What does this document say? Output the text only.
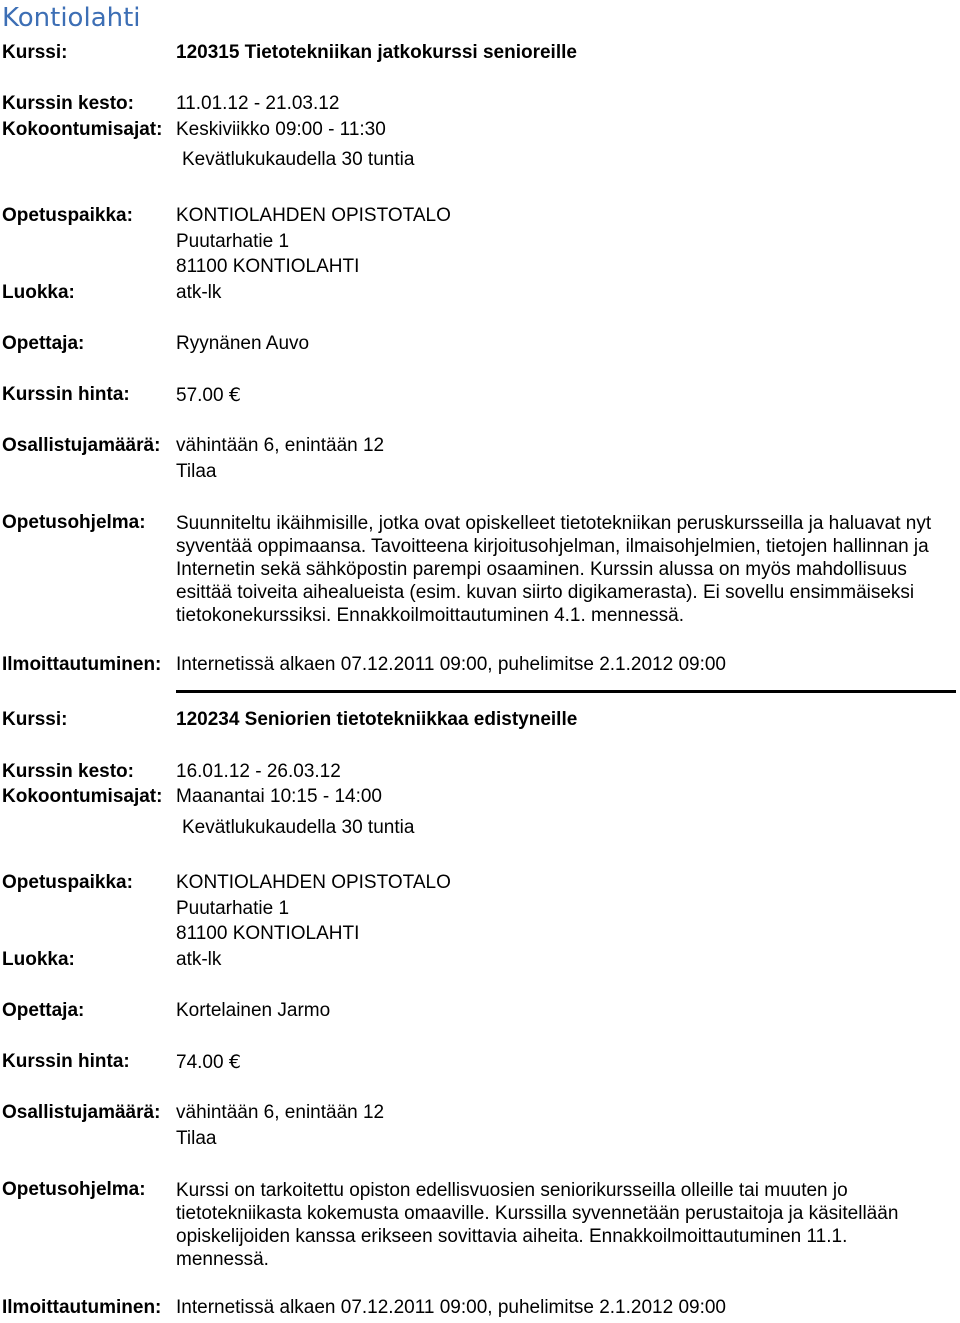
Kontiolahti
Kurssi:	120315 Tietotekniikan jatkokurssi senioreille
Kurssin kesto: 11.01.12 - 21.03.12
Kokoontumisajat: Keskiviikko 09:00 - 11:30
Kevätlukukaudella 30 tuntia
Opetuspaikka: KONTIOLAHDEN OPISTOTALO
Puutarhatie 1
81100 KONTIOLAHTI
Luokka:	atk-lk
Opettaja:	Ryynänen Auvo
Kurssin hinta: 57.00 €
Osallistujamäärä: vähintään 6, enintään 12
Tilaa
Opetusohjelma: Suunniteltu ikäihmisille, jotka ovat opiskelleet tietotekniikan peruskursseilla ja haluavat nyt syventää oppimaansa. Tavoitteena kirjoitusohjelman, ilmaisohjelmien, tietojen hallinnan ja Internetin sekä sähköpostin parempi osaaminen. Kurssin alussa on myös mahdollisuus esittää toiveita aihealueista (esim. kuvan siirto digikamerasta). Ei sovellu ensimmäiseksi tietokonekurssiksi. Ennakkoilmoittautuminen 4.1. mennessä.
Ilmoittautuminen: Internetissä alkaen 07.12.2011 09:00, puhelimitse 2.1.2012 09:00
Kurssi:	120234 Seniorien tietotekniikkaa edistyneille
Kurssin kesto: 16.01.12 - 26.03.12
Kokoontumisajat: Maanantai 10:15 - 14:00
Kevätlukukaudella 30 tuntia
Opetuspaikka: KONTIOLAHDEN OPISTOTALO
Puutarhatie 1
81100 KONTIOLAHTI
Luokka:	atk-lk
Opettaja:	Kortelainen Jarmo
Kurssin hinta: 74.00 €
Osallistujamäärä: vähintään 6, enintään 12
Tilaa
Opetusohjelma: Kurssi on tarkoitettu opiston edellisvuosien seniorikursseilla olleille tai muuten jo tietotekniikasta kokemusta omaaville. Kurssilla syvennetään perustaitoja ja käsitellään opiskelijoiden kanssa erikseen sovittavia aiheita. Ennakkoilmoittautuminen 11.1. mennessä.
Ilmoittautuminen: Internetissä alkaen 07.12.2011 09:00, puhelimitse 2.1.2012 09:00
